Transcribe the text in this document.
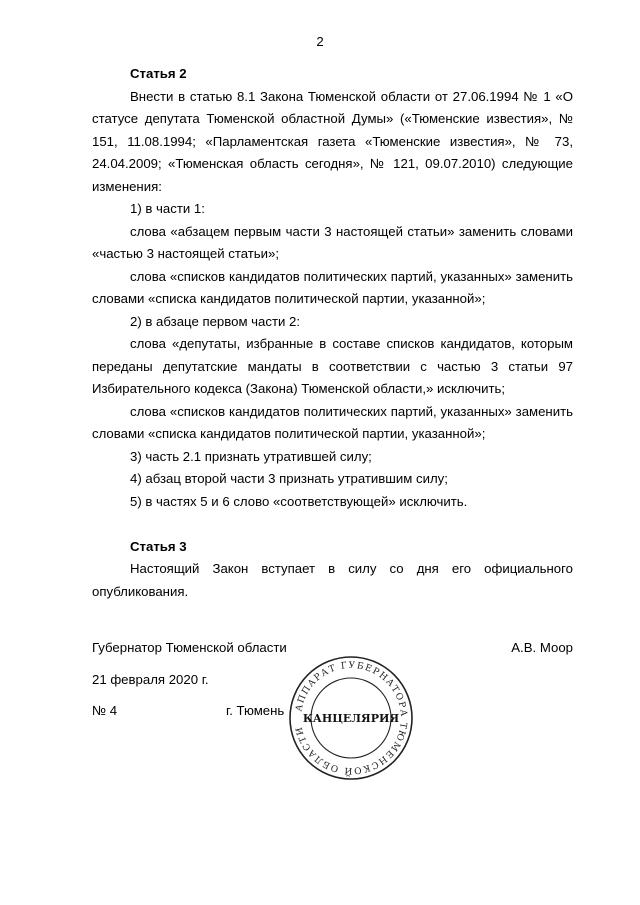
2

Статья 2

Внести в статью 8.1 Закона Тюменской области от 27.06.1994 № 1 «О статусе депутата Тюменской областной Думы» («Тюменские известия», № 151, 11.08.1994; «Парламентская газета «Тюменские известия», № 73, 24.04.2009; «Тюменская область сегодня», № 121, 09.07.2010) следующие изменения:

1) в части 1:

слова «абзацем первым части 3 настоящей статьи» заменить словами «частью 3 настоящей статьи»;

слова «списков кандидатов политических партий, указанных» заменить словами «списка кандидатов политической партии, указанной»;

2) в абзаце первом части 2:

слова «депутаты, избранные в составе списков кандидатов, которым переданы депутатские мандаты в соответствии с частью 3 статьи 97 Избирательного кодекса (Закона) Тюменской области,» исключить;

слова «списков кандидатов политических партий, указанных» заменить словами «списка кандидатов политической партии, указанной»;

3) часть 2.1 признать утратившей силу;

4) абзац второй части 3 признать утратившим силу;

5) в частях 5 и 6 слово «соответствующей» исключить.

Статья 3

Настоящий Закон вступает в силу со дня его официального опубликования.

Губернатор Тюменской области	А.В. Моор
21 февраля 2020 г.
№ 4	г. Тюмень АППАРАТ ГУБЕРНАТОРА ТЮМЕНСКОЙ ОБЛАСТИ
КАНЦЕЛЯРИЯ
